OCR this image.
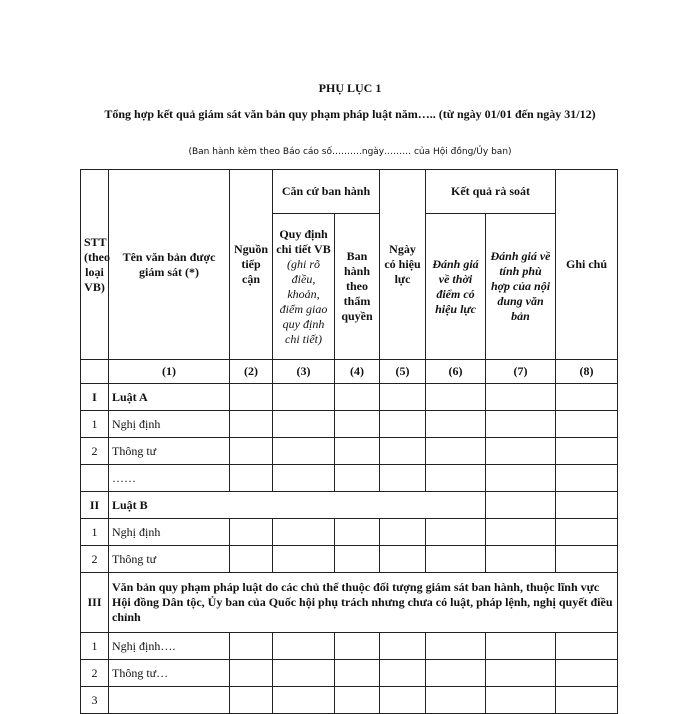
PHỤ LỤC 1
Tổng hợp kết quả giám sát văn bản quy phạm pháp luật năm….. (từ ngày 01/01 đến ngày 31/12)
(Ban hành kèm theo Báo cáo số……….ngày……… của Hội đồng/Ủy ban)
STT (theo loại VB)	Tên văn bản được giám sát (*)	Nguồn tiếp cận	Căn cứ ban hành		Ngày có hiệu lực	Kết quả rà soát		Ghi chú
			Quy định chi tiết VB (ghi rõ điều, khoản, điểm giao quy định chi tiết)	Ban hành theo thẩm quyền		Đánh giá về thời điểm có hiệu lực	Đánh giá về tính phù hợp của nội dung văn bản	
	(1)	(2)	(3)	(4)	(5)	(6)	(7)	(8)
I	Luật A							
1	Nghị định							
2	Thông tư							
	……							
II	Luật B							
1	Nghị định							
2	Thông tư							
III	Văn bản quy phạm pháp luật do các chủ thể thuộc đối tượng giám sát ban hành, thuộc lĩnh vực Hội đồng Dân tộc, Ủy ban của Quốc hội phụ trách nhưng chưa có luật, pháp lệnh, nghị quyết điều chỉnh							
1	Nghị định….							
2	Thông tư…							
3								
